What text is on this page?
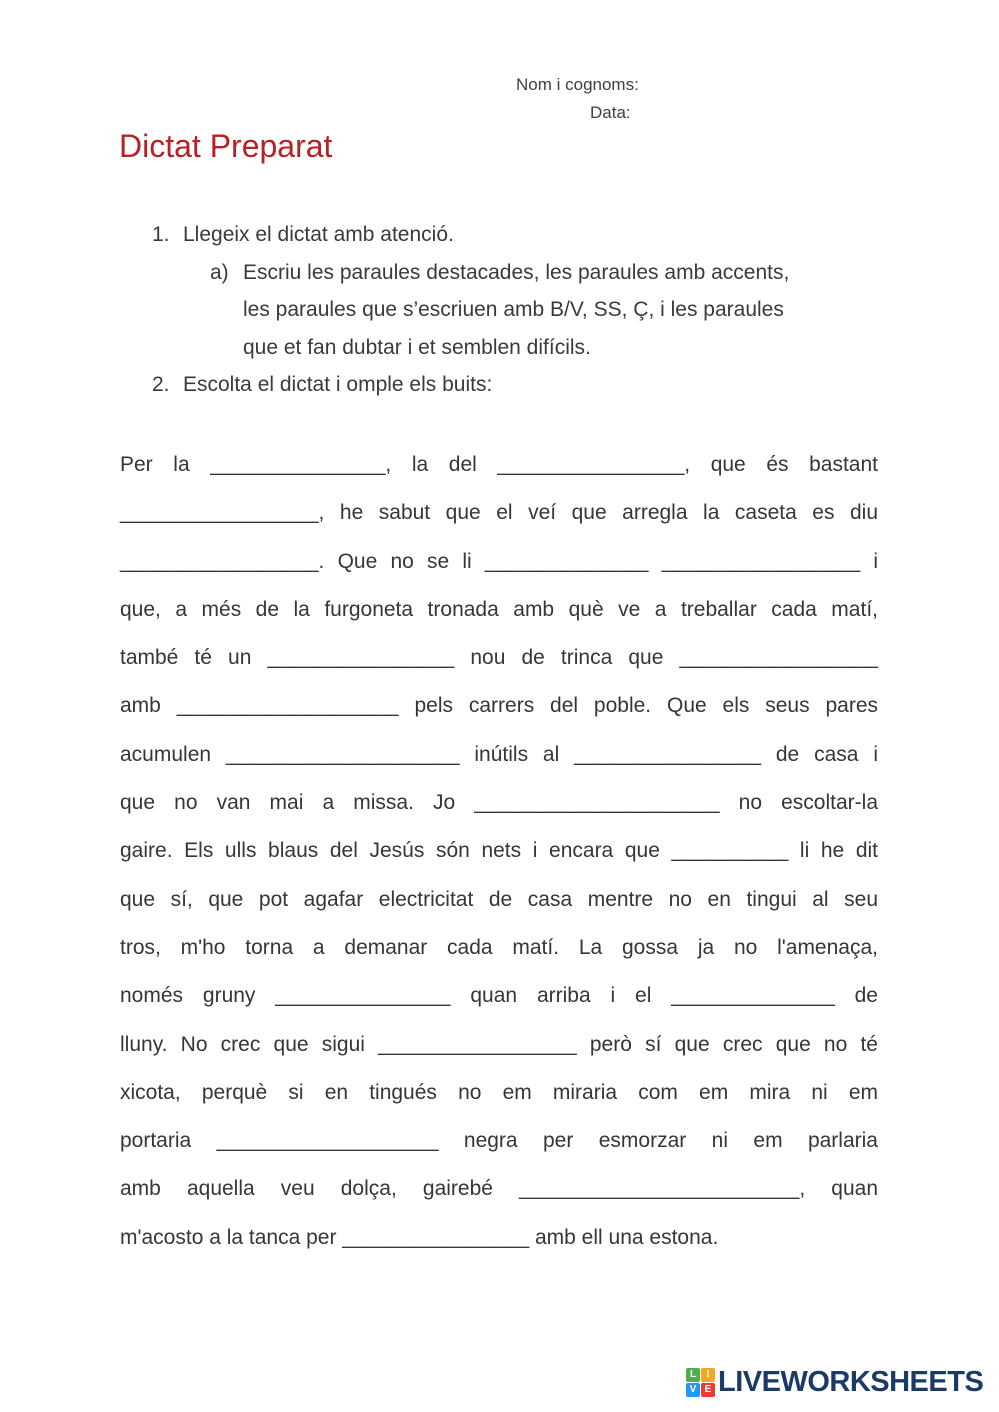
Nom i cognoms:
Data:
Dictat Preparat
1. Llegeix el dictat amb atenció.
a) Escriu les paraules destacades, les paraules amb accents,
les paraules que s’escriuen amb B/V, SS, Ç, i les paraules
que et fan dubtar i et semblen difícils.
2. Escolta el dictat i omple els buits:
Per la _______________, la del ________________, que és bastant
_________________, he sabut que el veí que arregla la caseta es diu
_________________. Que no se li ______________ _________________ i
que, a més de la furgoneta tronada amb què ve a treballar cada matí,
també té un ________________ nou de trinca que _________________
amb ___________________ pels carrers del poble. Que els seus pares
acumulen ____________________ inútils al ________________ de casa i
que no van mai a missa. Jo _____________________ no escoltar-la
gaire. Els ulls blaus del Jesús són nets i encara que __________ li he dit
que sí, que pot agafar electricitat de casa mentre no en tingui al seu
tros, m'ho torna a demanar cada matí. La gossa ja no l'amenaça,
només gruny _______________ quan arriba i el ______________ de
lluny. No crec que sigui _________________ però sí que crec que no té
xicota, perquè si en tingués no em miraria com em mira ni em
portaria ___________________ negra per esmorzar ni em parlaria
amb aquella veu dolça, gairebé ________________________, quan
m'acosto a la tanca per ________________ amb ell una estona.
L	I
V E LIVEWORKSHEETS
